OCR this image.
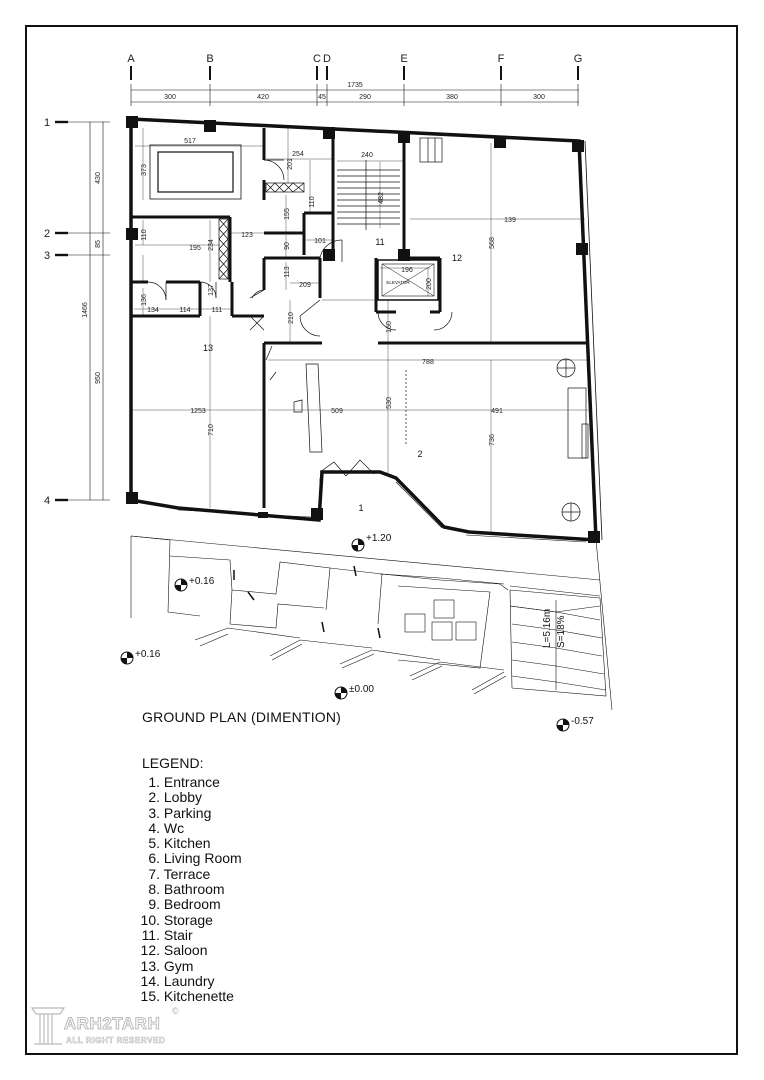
A	B	C D	E	F	G
300	420	45	290	380	300
1735
1
2
3
4
430
85
950
1466
ELEVATOR
517
373
254
201
110
240
482
155
123
195
110
234
137
136
134	114	111
90
113
209
101
210
196
200
160
139
568
788
1253	509
530
491
710
736
1
2
11
12
13
L=5.16m S=18%
+1.20
+0.16
+0.16
±0.00
-0.57
GROUND PLAN (DIMENTION)
LEGEND:
1. Entrance
2. Lobby
3. Parking
4. Wc
5. Kitchen
6. Living Room
7. Terrace
8. Bathroom
9. Bedroom
10. Storage
11. Stair
12. Saloon
13. Gym
14. Laundry
15. Kitchenette
ARH2TARH
ALL RIGHT RESERVED
©
